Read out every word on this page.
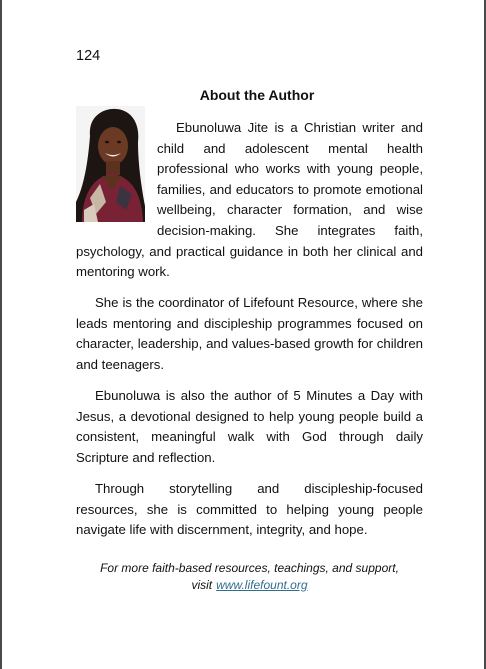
124
About the Author

Ebunoluwa Jite is a Christian writer and child and adolescent mental health professional who works with young people, families, and educators to promote emotional wellbeing, character formation, and wise decision-making. She integrates faith, psychology, and practical guidance in both her clinical and mentoring work.

She is the coordinator of Lifefount Resource, where she leads mentoring and discipleship programmes focused on character, leadership, and values-based growth for children and teenagers.

Ebunoluwa is also the author of 5 Minutes a Day with Jesus, a devotional designed to help young people build a consistent, meaningful walk with God through daily Scripture and reflection.

Through storytelling and discipleship-focused resources, she is committed to helping young people navigate life with discernment, integrity, and hope.

For more faith-based resources, teachings, and support,
visit www.lifefount.org
